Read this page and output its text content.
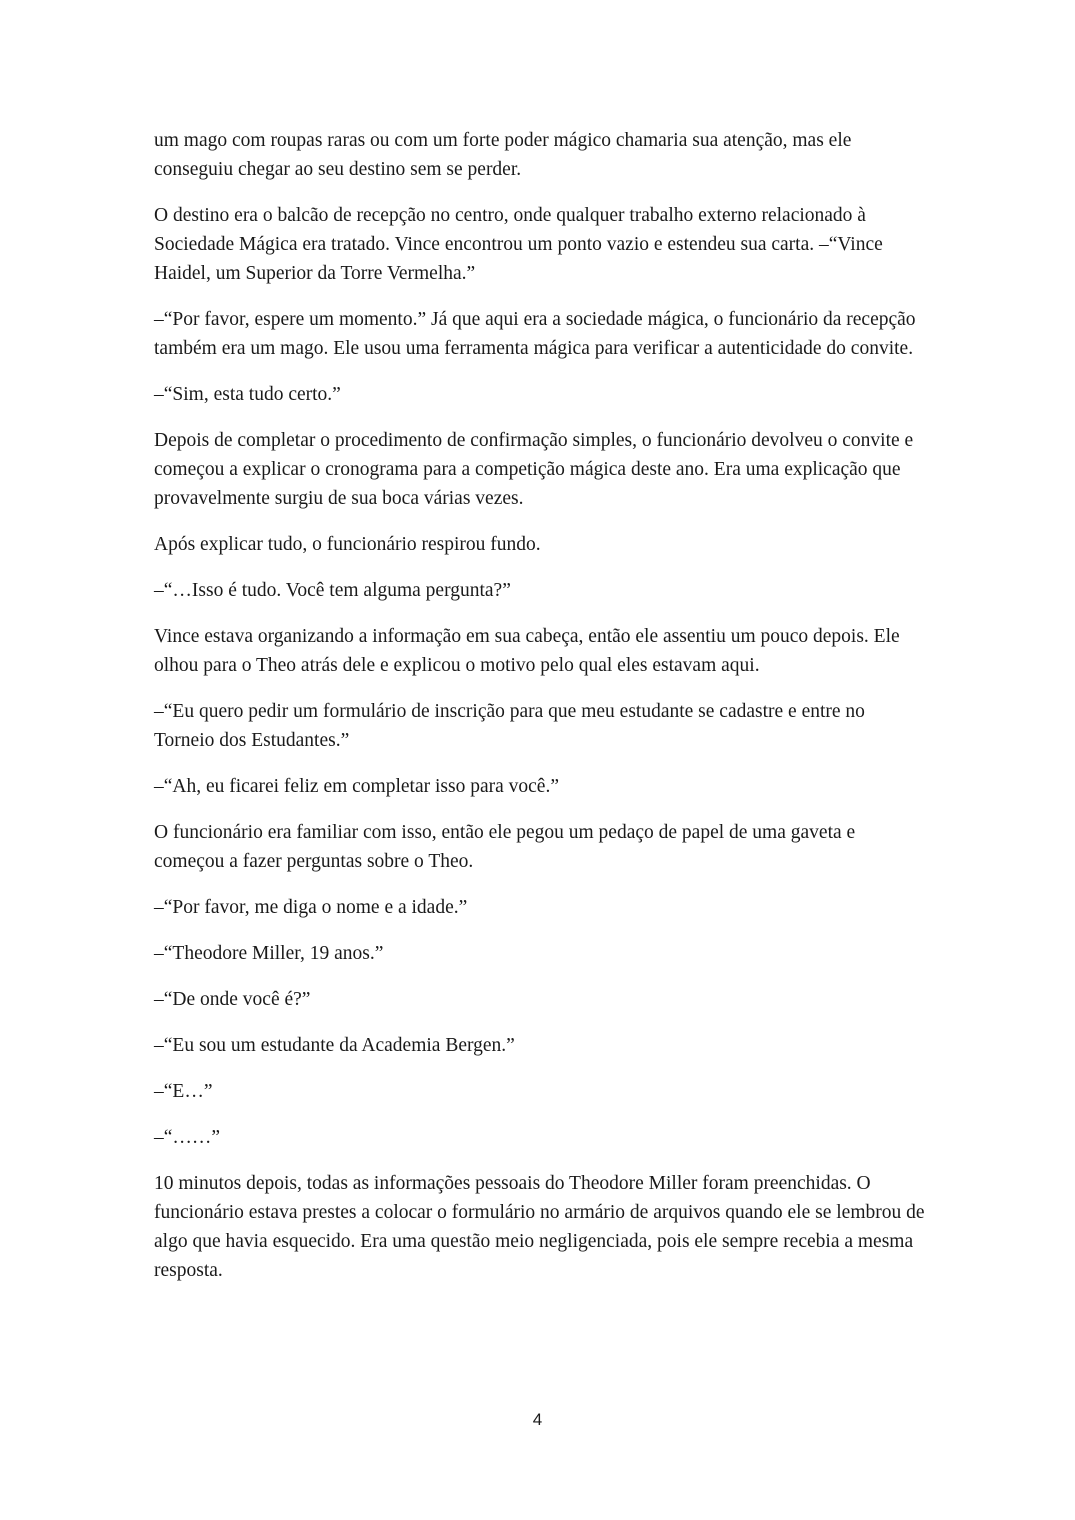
um mago com roupas raras ou com um forte poder mágico chamaria sua atenção, mas ele conseguiu chegar ao seu destino sem se perder.

O destino era o balcão de recepção no centro, onde qualquer trabalho externo relacionado à Sociedade Mágica era tratado. Vince encontrou um ponto vazio e estendeu sua carta. –“Vince Haidel, um Superior da Torre Vermelha.”

–“Por favor, espere um momento.” Já que aqui era a sociedade mágica, o funcionário da recepção também era um mago. Ele usou uma ferramenta mágica para verificar a autenticidade do convite.

–“Sim, esta tudo certo.”

Depois de completar o procedimento de confirmação simples, o funcionário devolveu o convite e começou a explicar o cronograma para a competição mágica deste ano. Era uma explicação que provavelmente surgiu de sua boca várias vezes.

Após explicar tudo, o funcionário respirou fundo.

–“…Isso é tudo. Você tem alguma pergunta?”

Vince estava organizando a informação em sua cabeça, então ele assentiu um pouco depois. Ele olhou para o Theo atrás dele e explicou o motivo pelo qual eles estavam aqui.

–“Eu quero pedir um formulário de inscrição para que meu estudante se cadastre e entre no Torneio dos Estudantes.”

–“Ah, eu ficarei feliz em completar isso para você.”

O funcionário era familiar com isso, então ele pegou um pedaço de papel de uma gaveta e começou a fazer perguntas sobre o Theo.

–“Por favor, me diga o nome e a idade.”

–“Theodore Miller, 19 anos.”

–“De onde você é?”

–“Eu sou um estudante da Academia Bergen.”

–“E…”

–“……”

10 minutos depois, todas as informações pessoais do Theodore Miller foram preenchidas. O funcionário estava prestes a colocar o formulário no armário de arquivos quando ele se lembrou de algo que havia esquecido. Era uma questão meio negligenciada, pois ele sempre recebia a mesma resposta.

4
